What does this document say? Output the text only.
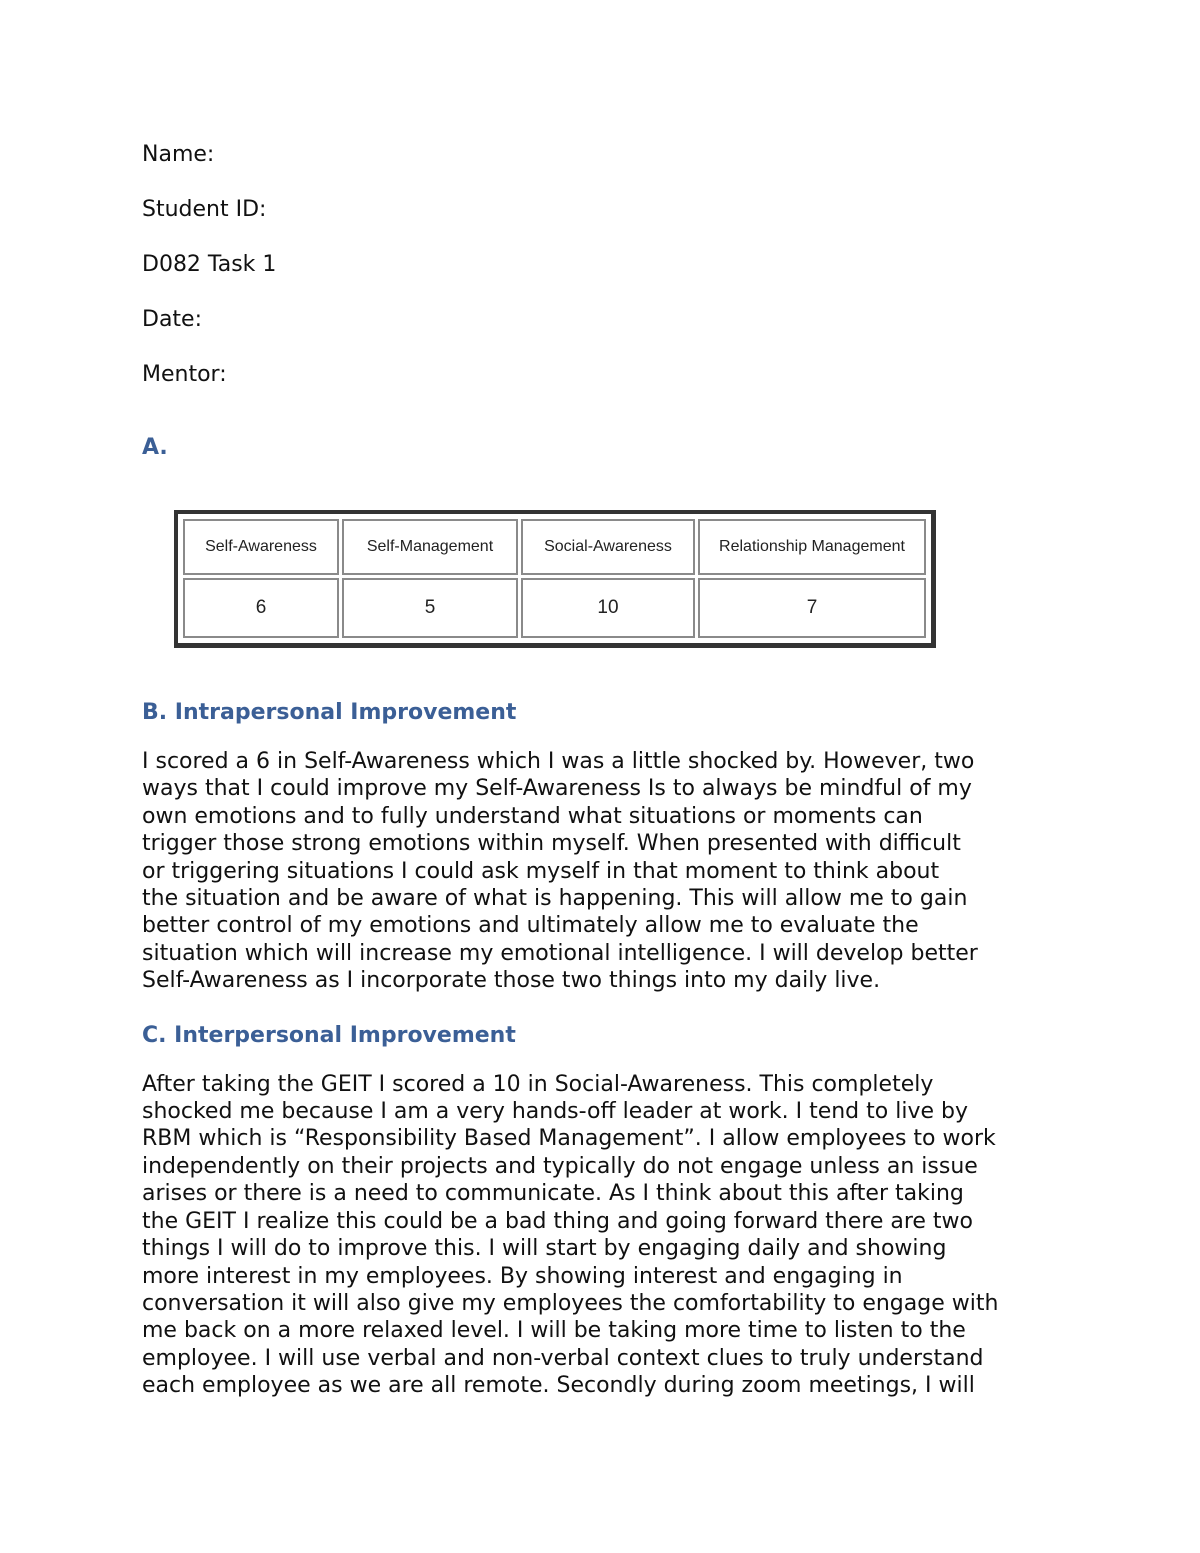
Name:
Student ID:
D082 Task 1
Date:
Mentor:
A.
Self-Awareness	Self-Management	Social-Awareness	Relationship Management
6	5	10	7
B. Intrapersonal Improvement
I scored a 6 in Self-Awareness which I was a little shocked by. However, two
ways that I could improve my Self-Awareness Is to always be mindful of my
own emotions and to fully understand what situations or moments can
trigger those strong emotions within myself. When presented with difficult
or triggering situations I could ask myself in that moment to think about
the situation and be aware of what is happening. This will allow me to gain
better control of my emotions and ultimately allow me to evaluate the
situation which will increase my emotional intelligence. I will develop better
Self-Awareness as I incorporate those two things into my daily live.
C. Interpersonal Improvement
After taking the GEIT I scored a 10 in Social-Awareness. This completely
shocked me because I am a very hands-off leader at work. I tend to live by
RBM which is “Responsibility Based Management”. I allow employees to work
independently on their projects and typically do not engage unless an issue
arises or there is a need to communicate. As I think about this after taking
the GEIT I realize this could be a bad thing and going forward there are two
things I will do to improve this. I will start by engaging daily and showing
more interest in my employees. By showing interest and engaging in
conversation it will also give my employees the comfortability to engage with
me back on a more relaxed level. I will be taking more time to listen to the
employee. I will use verbal and non-verbal context clues to truly understand
each employee as we are all remote. Secondly during zoom meetings, I will
